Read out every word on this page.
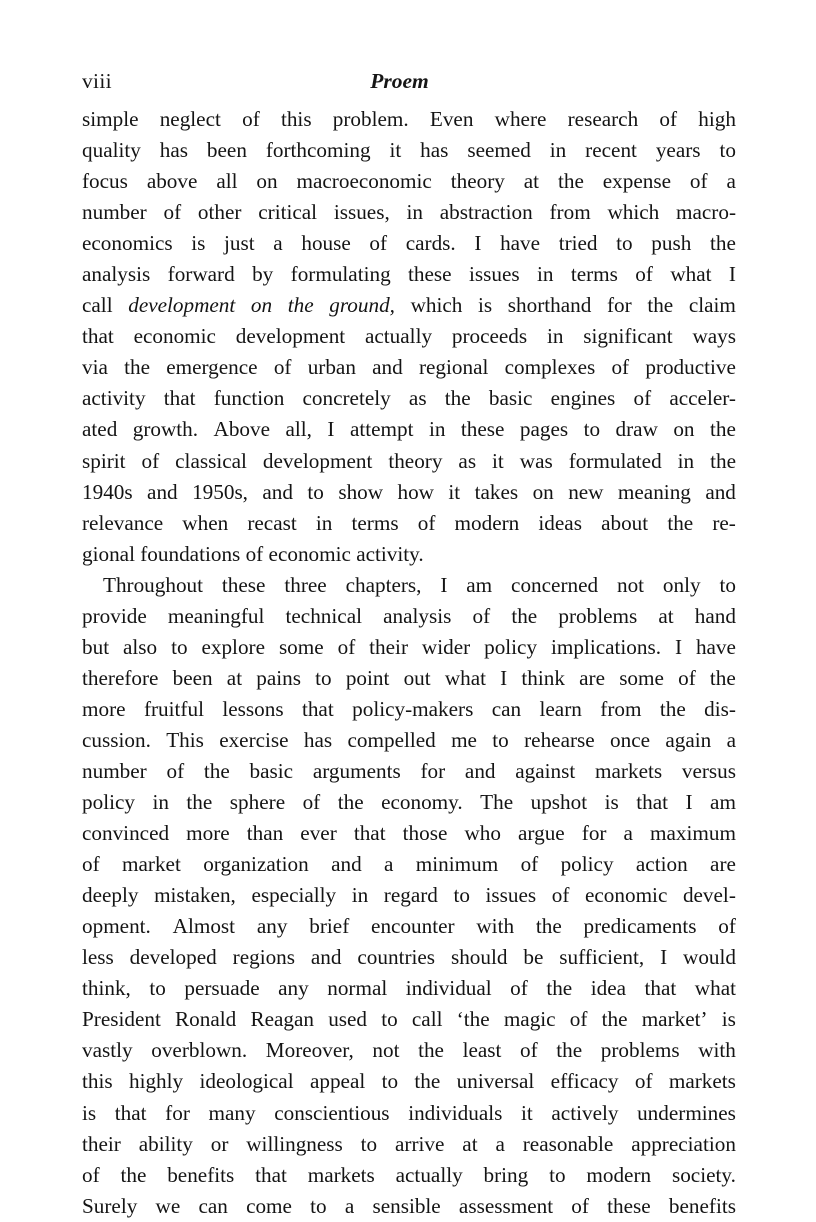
viii	Proem
simple neglect of this problem. Even where research of high
quality has been forthcoming it has seemed in recent years to
focus above all on macroeconomic theory at the expense of a
number of other critical issues, in abstraction from which macro-
economics is just a house of cards. I have tried to push the
analysis forward by formulating these issues in terms of what I
call development on the ground, which is shorthand for the claim
that economic development actually proceeds in significant ways
via the emergence of urban and regional complexes of productive
activity that function concretely as the basic engines of acceler-
ated growth. Above all, I attempt in these pages to draw on the
spirit of classical development theory as it was formulated in the
1940s and 1950s, and to show how it takes on new meaning and
relevance when recast in terms of modern ideas about the re-
gional foundations of economic activity.
Throughout these three chapters, I am concerned not only to
provide meaningful technical analysis of the problems at hand
but also to explore some of their wider policy implications. I have
therefore been at pains to point out what I think are some of the
more fruitful lessons that policy-makers can learn from the dis-
cussion. This exercise has compelled me to rehearse once again a
number of the basic arguments for and against markets versus
policy in the sphere of the economy. The upshot is that I am
convinced more than ever that those who argue for a maximum
of market organization and a minimum of policy action are
deeply mistaken, especially in regard to issues of economic devel-
opment. Almost any brief encounter with the predicaments of
less developed regions and countries should be sufficient, I would
think, to persuade any normal individual of the idea that what
President Ronald Reagan used to call ‘the magic of the market’ is
vastly overblown. Moreover, not the least of the problems with
this highly ideological appeal to the universal efficacy of markets
is that for many conscientious individuals it actively undermines
their ability or willingness to arrive at a reasonable appreciation
of the benefits that markets actually bring to modern society.
Surely we can come to a sensible assessment of these benefits
